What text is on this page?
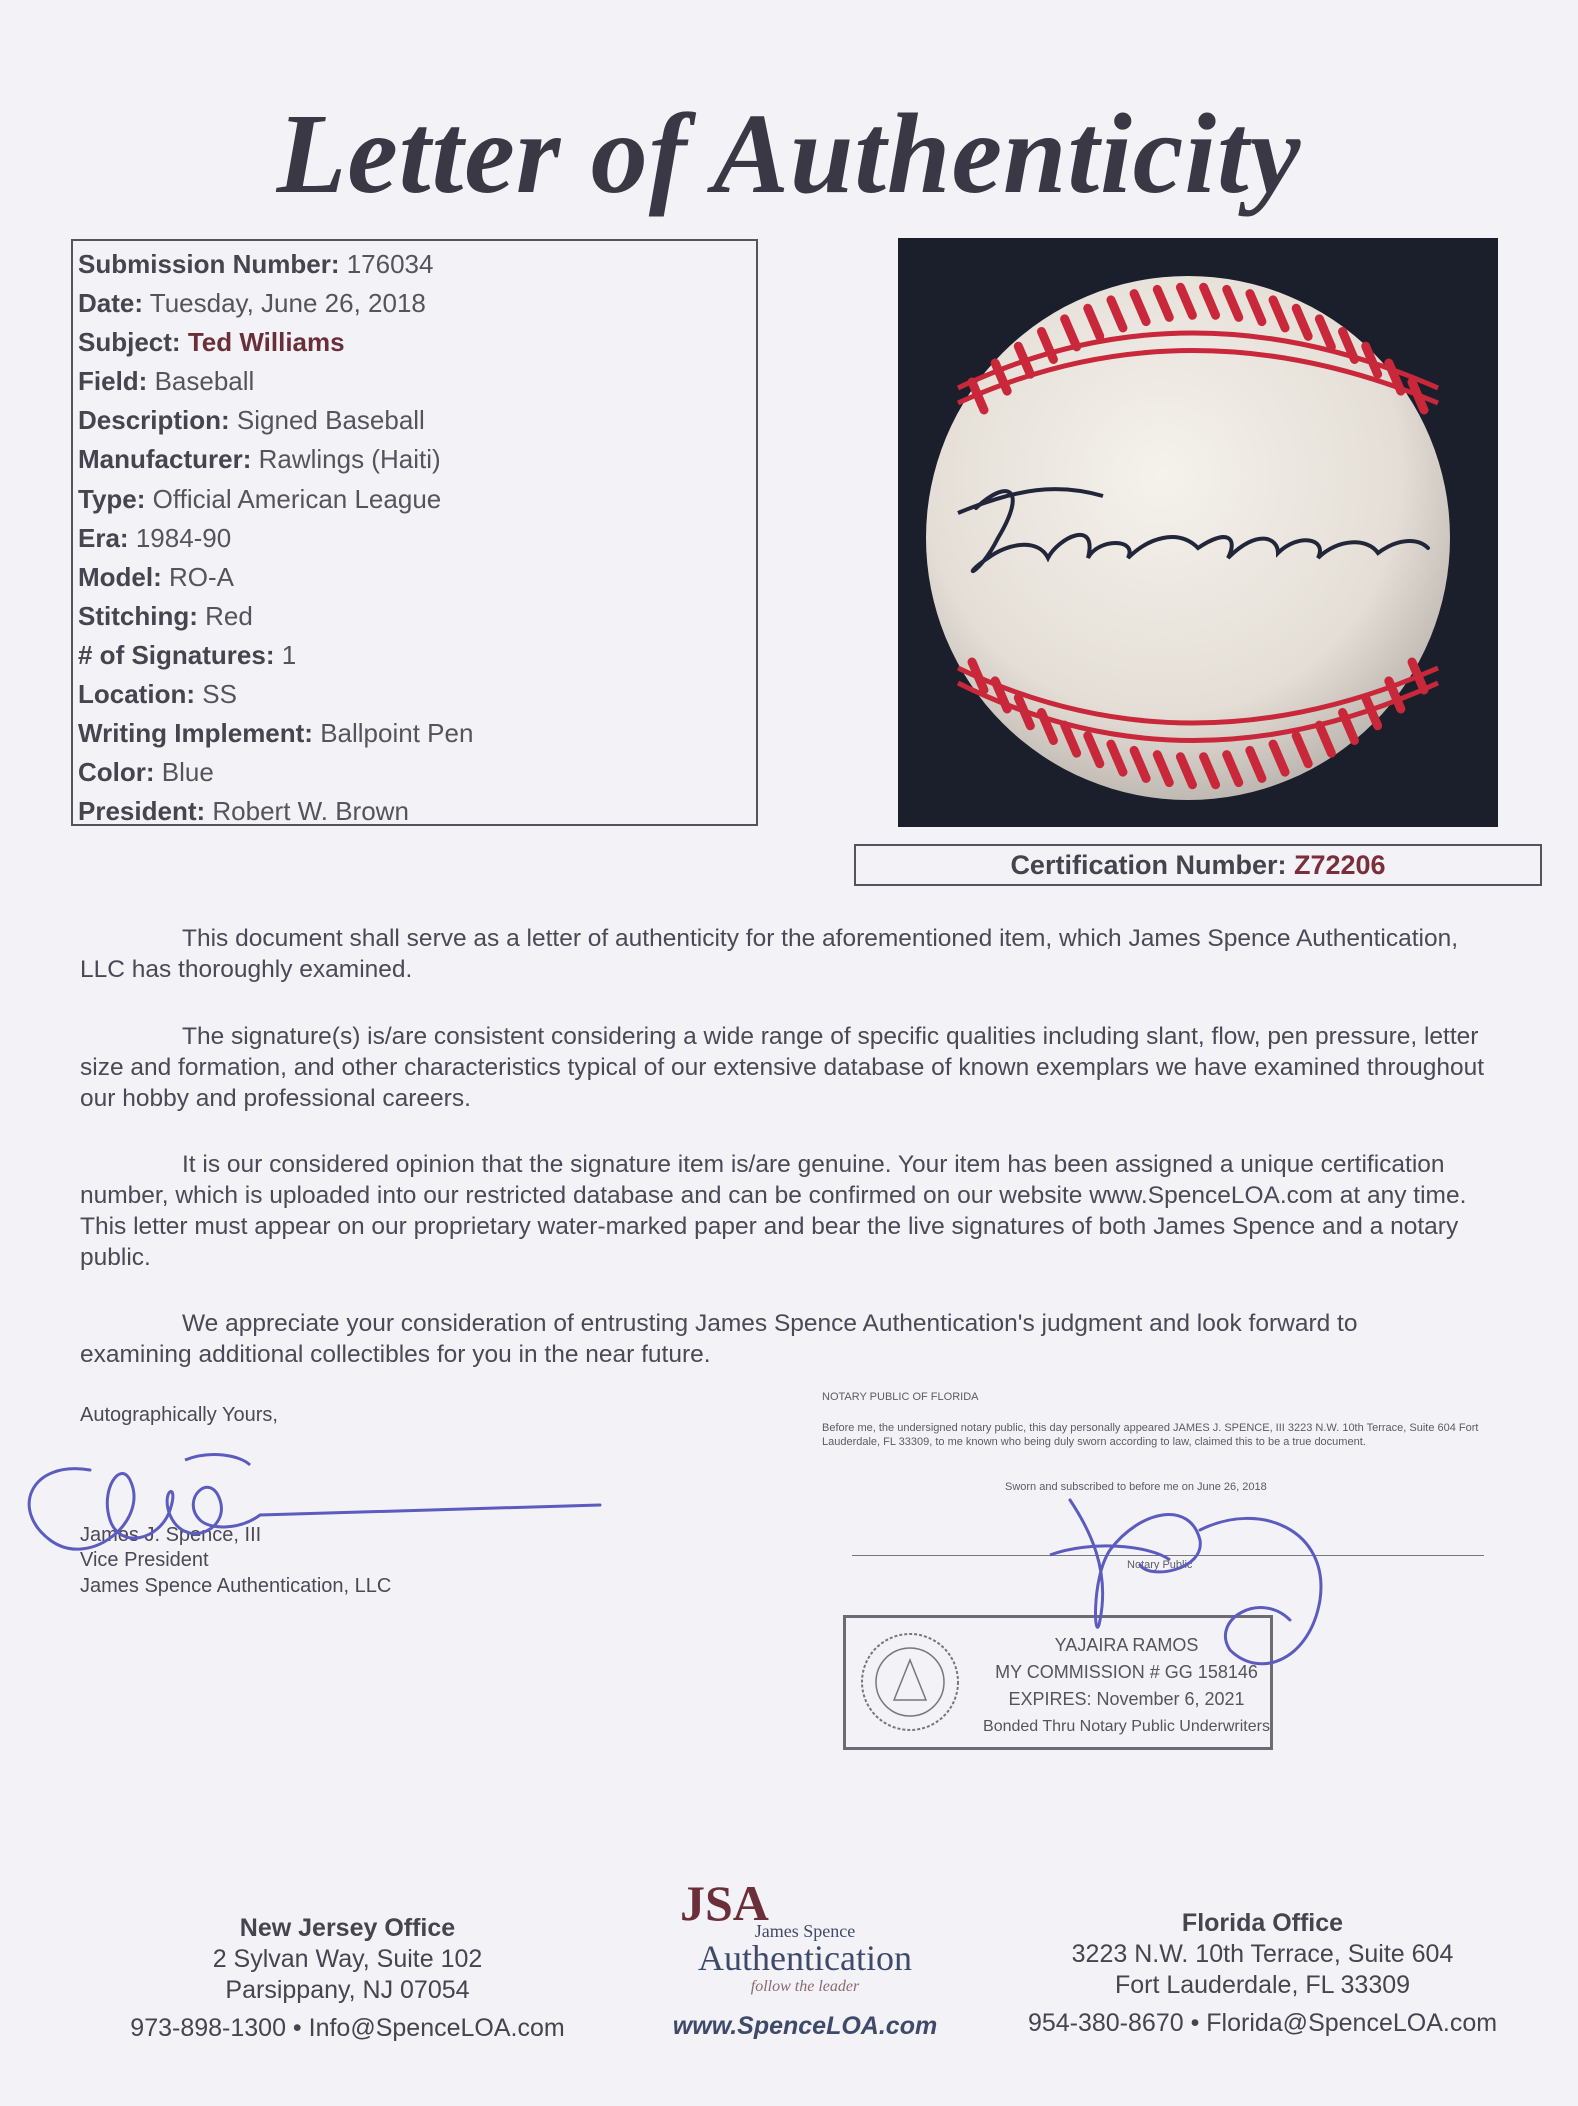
Letter of Authenticity
Submission Number: 176034
Date: Tuesday, June 26, 2018
Subject: Ted Williams
Field: Baseball
Description: Signed Baseball
Manufacturer: Rawlings (Haiti)
Type: Official American League
Era: 1984-90
Model: RO-A
Stitching: Red
# of Signatures: 1
Location: SS
Writing Implement: Ballpoint Pen
Color: Blue
President: Robert W. Brown
Certification Number: Z72206
This document shall serve as a letter of authenticity for the aforementioned item, which James Spence Authentication, LLC has thoroughly examined.
The signature(s) is/are consistent considering a wide range of specific qualities including slant, flow, pen pressure, letter size and formation, and other characteristics typical of our extensive database of known exemplars we have examined throughout our hobby and professional careers.
It is our considered opinion that the signature item is/are genuine. Your item has been assigned a unique certification number, which is uploaded into our restricted database and can be confirmed on our website www.SpenceLOA.com at any time. This letter must appear on our proprietary water-marked paper and bear the live signatures of both James Spence and a notary public.
We appreciate your consideration of entrusting James Spence Authentication's judgment and look forward to examining additional collectibles for you in the near future.
Autographically Yours,
James J. Spence, III
Vice President
James Spence Authentication, LLC
NOTARY PUBLIC OF FLORIDA
Before me, the undersigned notary public, this day personally appeared JAMES J. SPENCE, III 3223 N.W. 10th Terrace, Suite 604 Fort Lauderdale, FL 33309, to me known who being duly sworn according to law, claimed this to be a true document.
Sworn and subscribed to before me on June 26, 2018
Notary Public
YAJAIRA RAMOS
MY COMMISSION # GG 158146
EXPIRES: November 6, 2021
Bonded Thru Notary Public Underwriters
New Jersey Office
2 Sylvan Way, Suite 102
Parsippany, NJ 07054
973-898-1300 • Info@SpenceLOA.com
JSA
James Spence
Authentication
follow the leader
www.SpenceLOA.com
Florida Office
3223 N.W. 10th Terrace, Suite 604
Fort Lauderdale, FL 33309
954-380-8670 • Florida@SpenceLOA.com
